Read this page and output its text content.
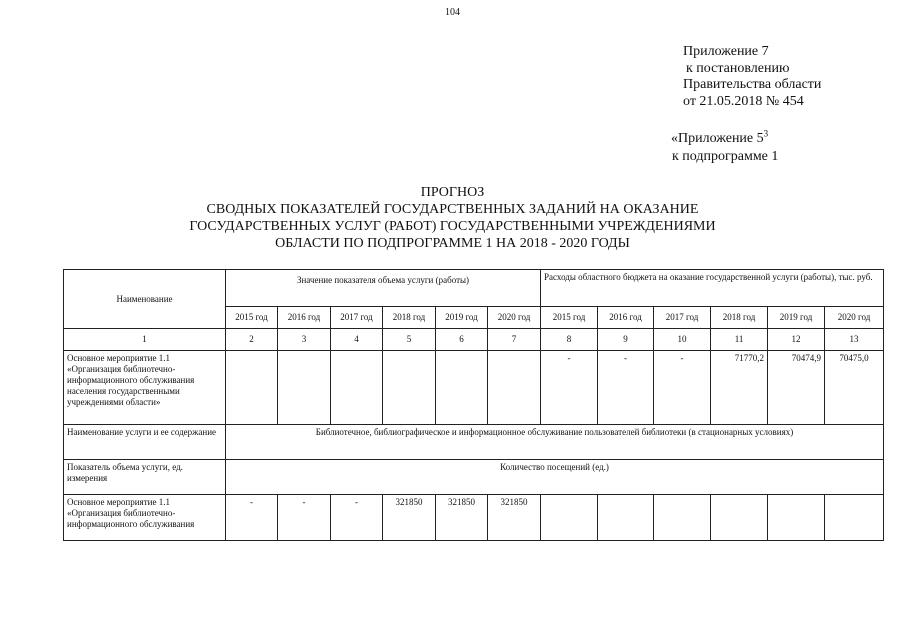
104
Приложение 7
к постановлению
Правительства области
от 21.05.2018 № 454
«Приложение $5^3$
к подпрограмме 1
ПРОГНОЗ
СВОДНЫХ ПОКАЗАТЕЛЕЙ ГОСУДАРСТВЕННЫХ ЗАДАНИЙ НА ОКАЗАНИЕ
ГОСУДАРСТВЕННЫХ УСЛУГ (РАБОТ) ГОСУДАРСТВЕННЫМИ УЧРЕЖДЕНИЯМИ
ОБЛАСТИ ПО ПОДПРОГРАММЕ 1 НА 2018 - 2020 ГОДЫ
Наименование	Значение показателя объема услуги (работы)						Расходы областного бюджета на оказание государственной услуги (работы), тыс. руб.					
	2015 год	2016 год	2017 год	2018 год	2019 год	2020 год	2015 год	2016 год	2017 год	2018 год	2019 год	2020 год
1	2	3	4	5	6	7	8	9	10	11	12	13
Основное мероприятие 1.1 «Организация библиотечно-информационного обслуживания населения государственными учреждениями области»							-	-	-	71770,2	70474,9	70475,0
Наименование услуги и ее содержание	Библиотечное, библиографическое и информационное обслуживание пользователей библиотеки (в стационарных условиях)											
Показатель объема услуги, ед. измерения	Количество посещений (ед.)											
Основное мероприятие 1.1 «Организация библиотечно-информационного обслуживания	-	-	-	321850	321850	321850						
